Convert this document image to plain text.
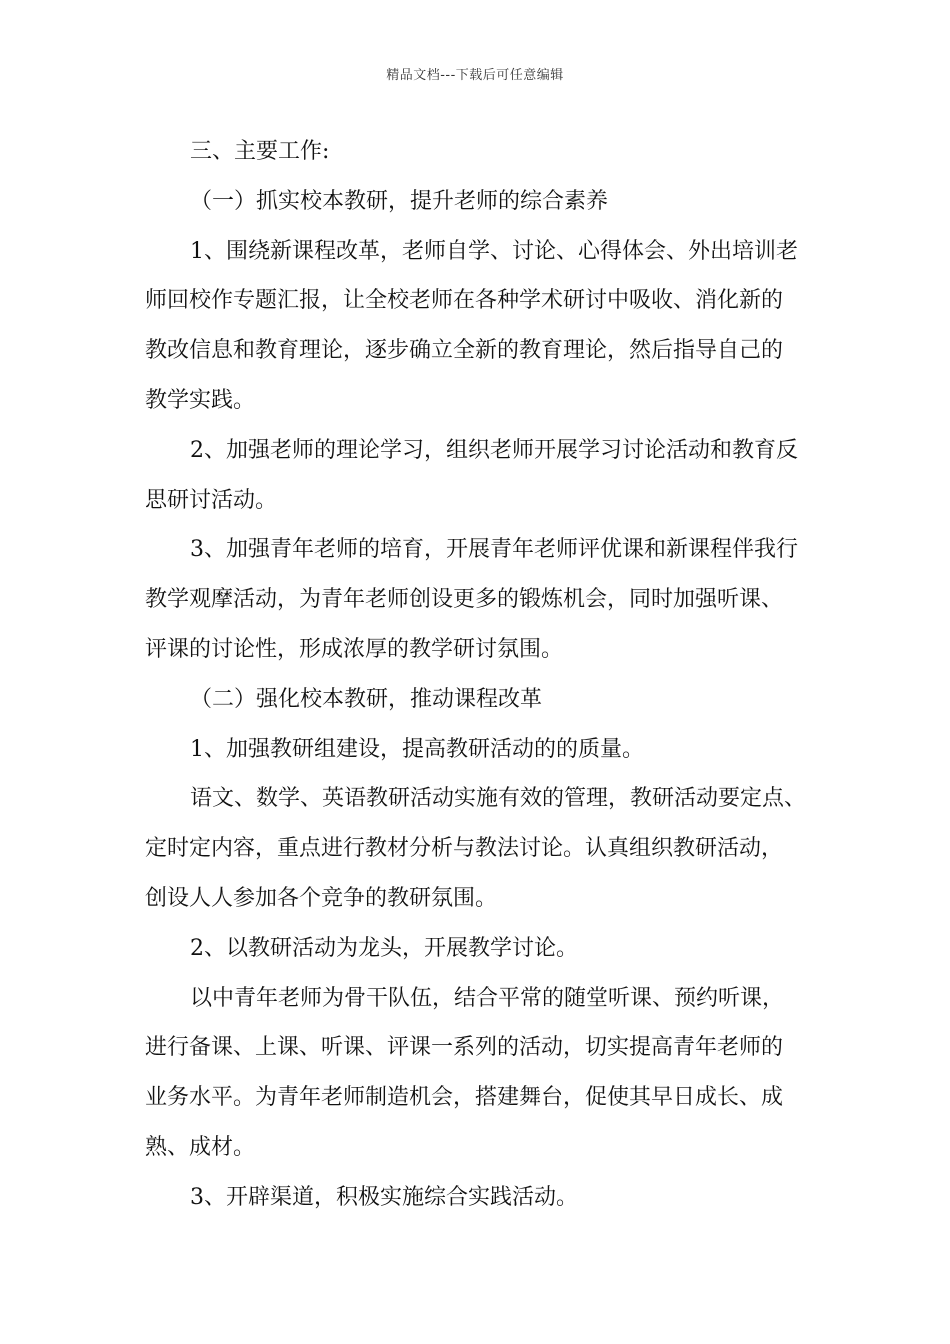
精品文档---下载后可任意编辑
三、主要工作:
（一）抓实校本教研，提升老师的综合素养
1、围绕新课程改革，老师自学、讨论、心得体会、外出培训老
师回校作专题汇报，让全校老师在各种学术研讨中吸收、消化新的
教改信息和教育理论，逐步确立全新的教育理论，然后指导自己的
教学实践。
2、加强老师的理论学习，组织老师开展学习讨论活动和教育反
思研讨活动。
3、加强青年老师的培育，开展青年老师评优课和新课程伴我行
教学观摩活动，为青年老师创设更多的锻炼机会，同时加强听课、
评课的讨论性，形成浓厚的教学研讨氛围。
（二）强化校本教研，推动课程改革
1、加强教研组建设，提高教研活动的的质量。
语文、数学、英语教研活动实施有效的管理，教研活动要定点、
定时定内容，重点进行教材分析与教法讨论。认真组织教研活动，
创设人人参加各个竞争的教研氛围。
2、以教研活动为龙头，开展教学讨论。
以中青年老师为骨干队伍，结合平常的随堂听课、预约听课，
进行备课、上课、听课、评课一系列的活动，切实提高青年老师的
业务水平。为青年老师制造机会，搭建舞台，促使其早日成长、成
熟、成材。
3、开辟渠道，积极实施综合实践活动。
